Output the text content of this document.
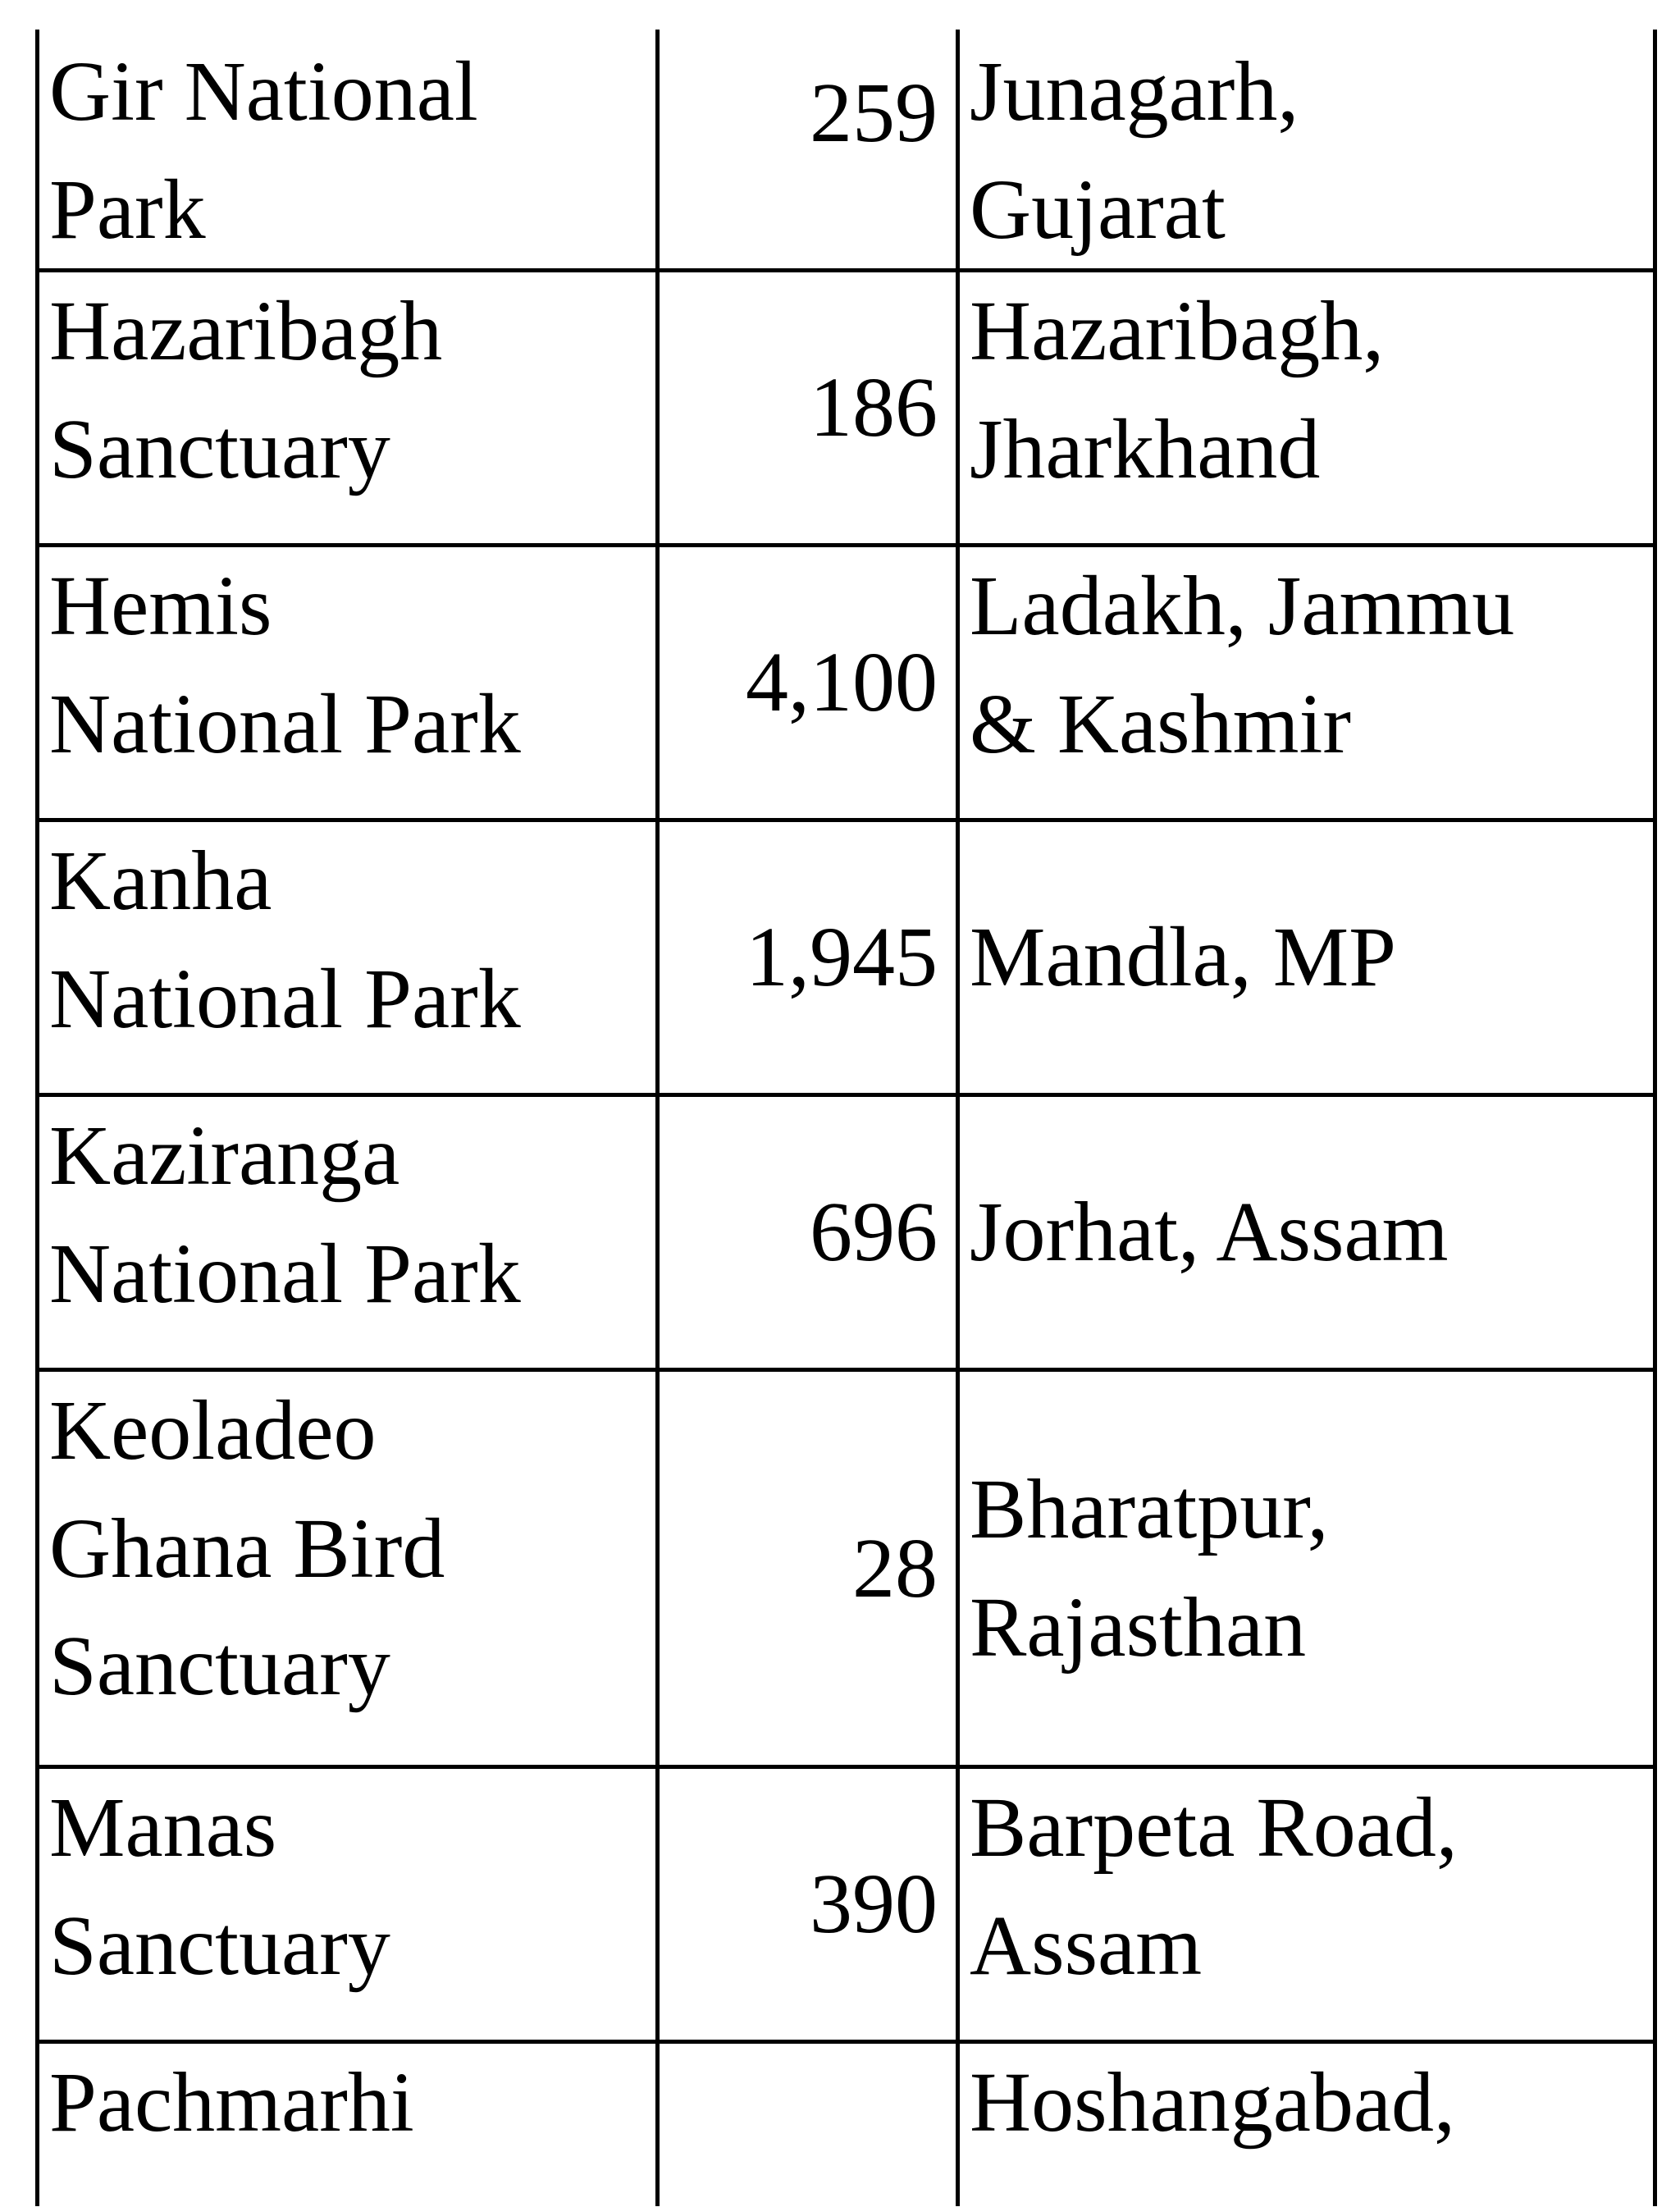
Gir National
Park	259	Junagarh,
Gujarat

Hazaribagh
Sanctuary	186	Hazaribagh,
Jharkhand

Hemis
National Park	4,100	Ladakh, Jammu
& Kashmir

Kanha
National Park	1,945	Mandla, MP

Kaziranga
National Park	696	Jorhat, Assam

Keoladeo
Ghana Bird
Sanctuary	28	Bharatpur,
Rajasthan

Manas
Sanctuary	390	Barpeta Road,
Assam

Pachmarhi		Hoshangabad,
